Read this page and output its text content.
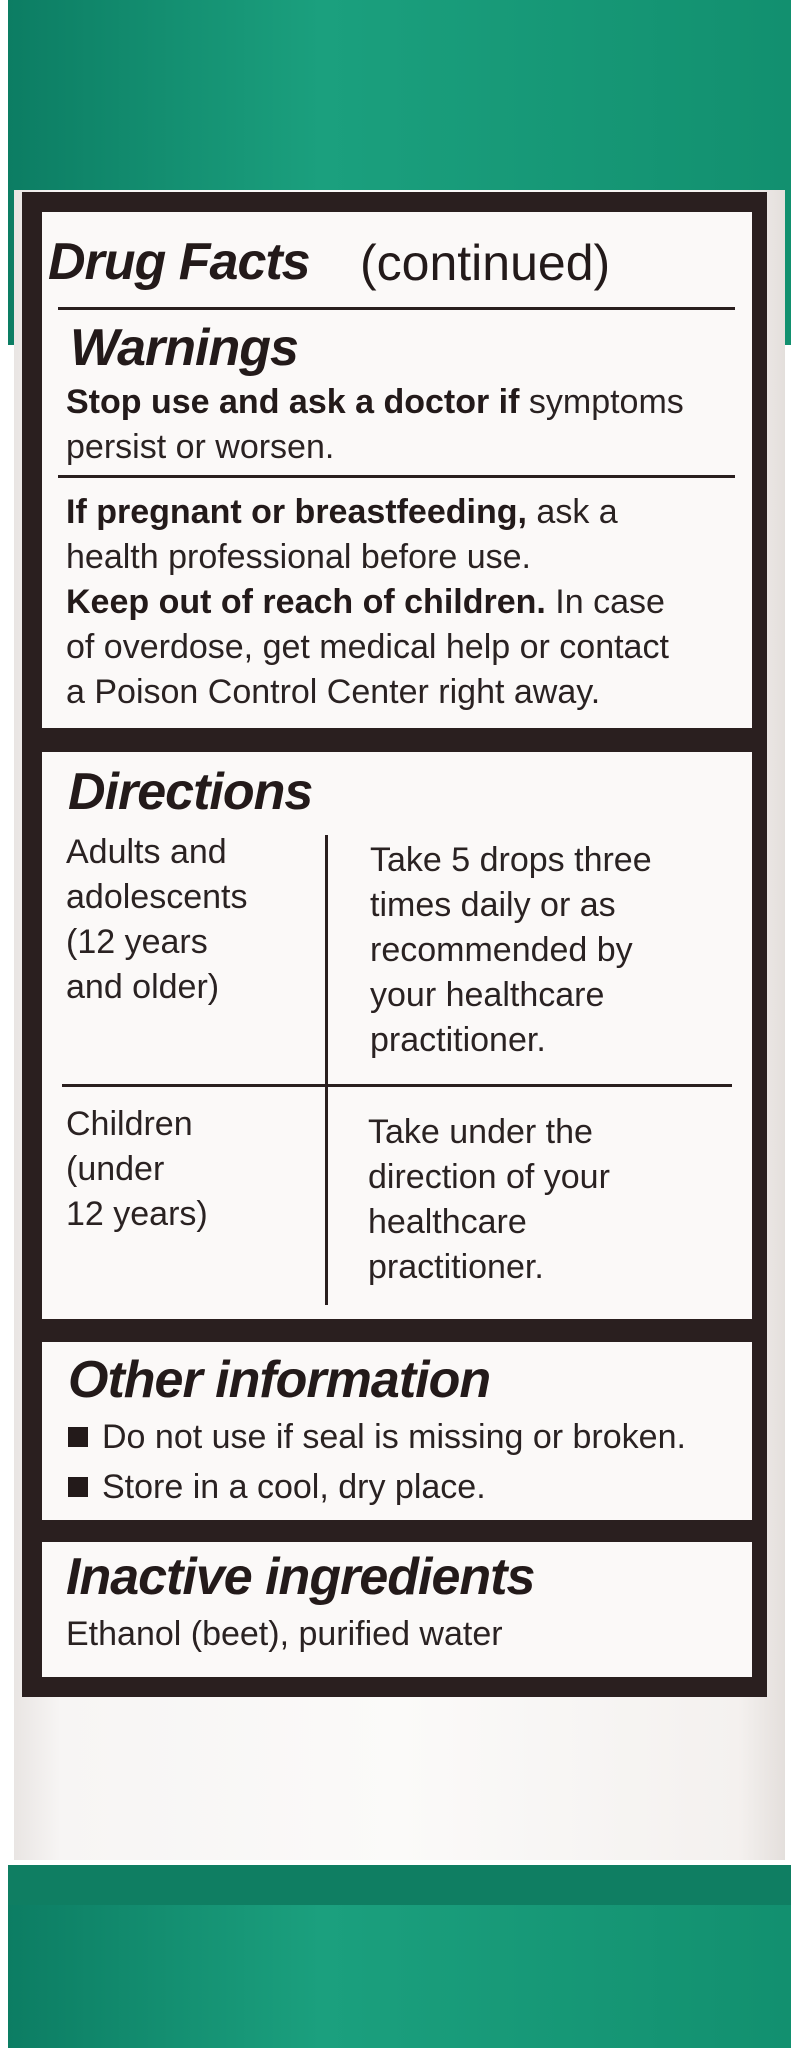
Drug Facts (continued)
Warnings
Stop use and ask a doctor if symptoms
persist or worsen.
If pregnant or breastfeeding, ask a
health professional before use.
Keep out of reach of children. In case
of overdose, get medical help or contact
a Poison Control Center right away.
Directions
Adults and
adolescents
(12 years
and older)
Take 5 drops three
times daily or as
recommended by
your healthcare
practitioner.
Children
(under
12 years)
Take under the
direction of your
healthcare
practitioner.
Other information
Do not use if seal is missing or broken.
Store in a cool, dry place.
Inactive ingredients
Ethanol (beet), purified water
